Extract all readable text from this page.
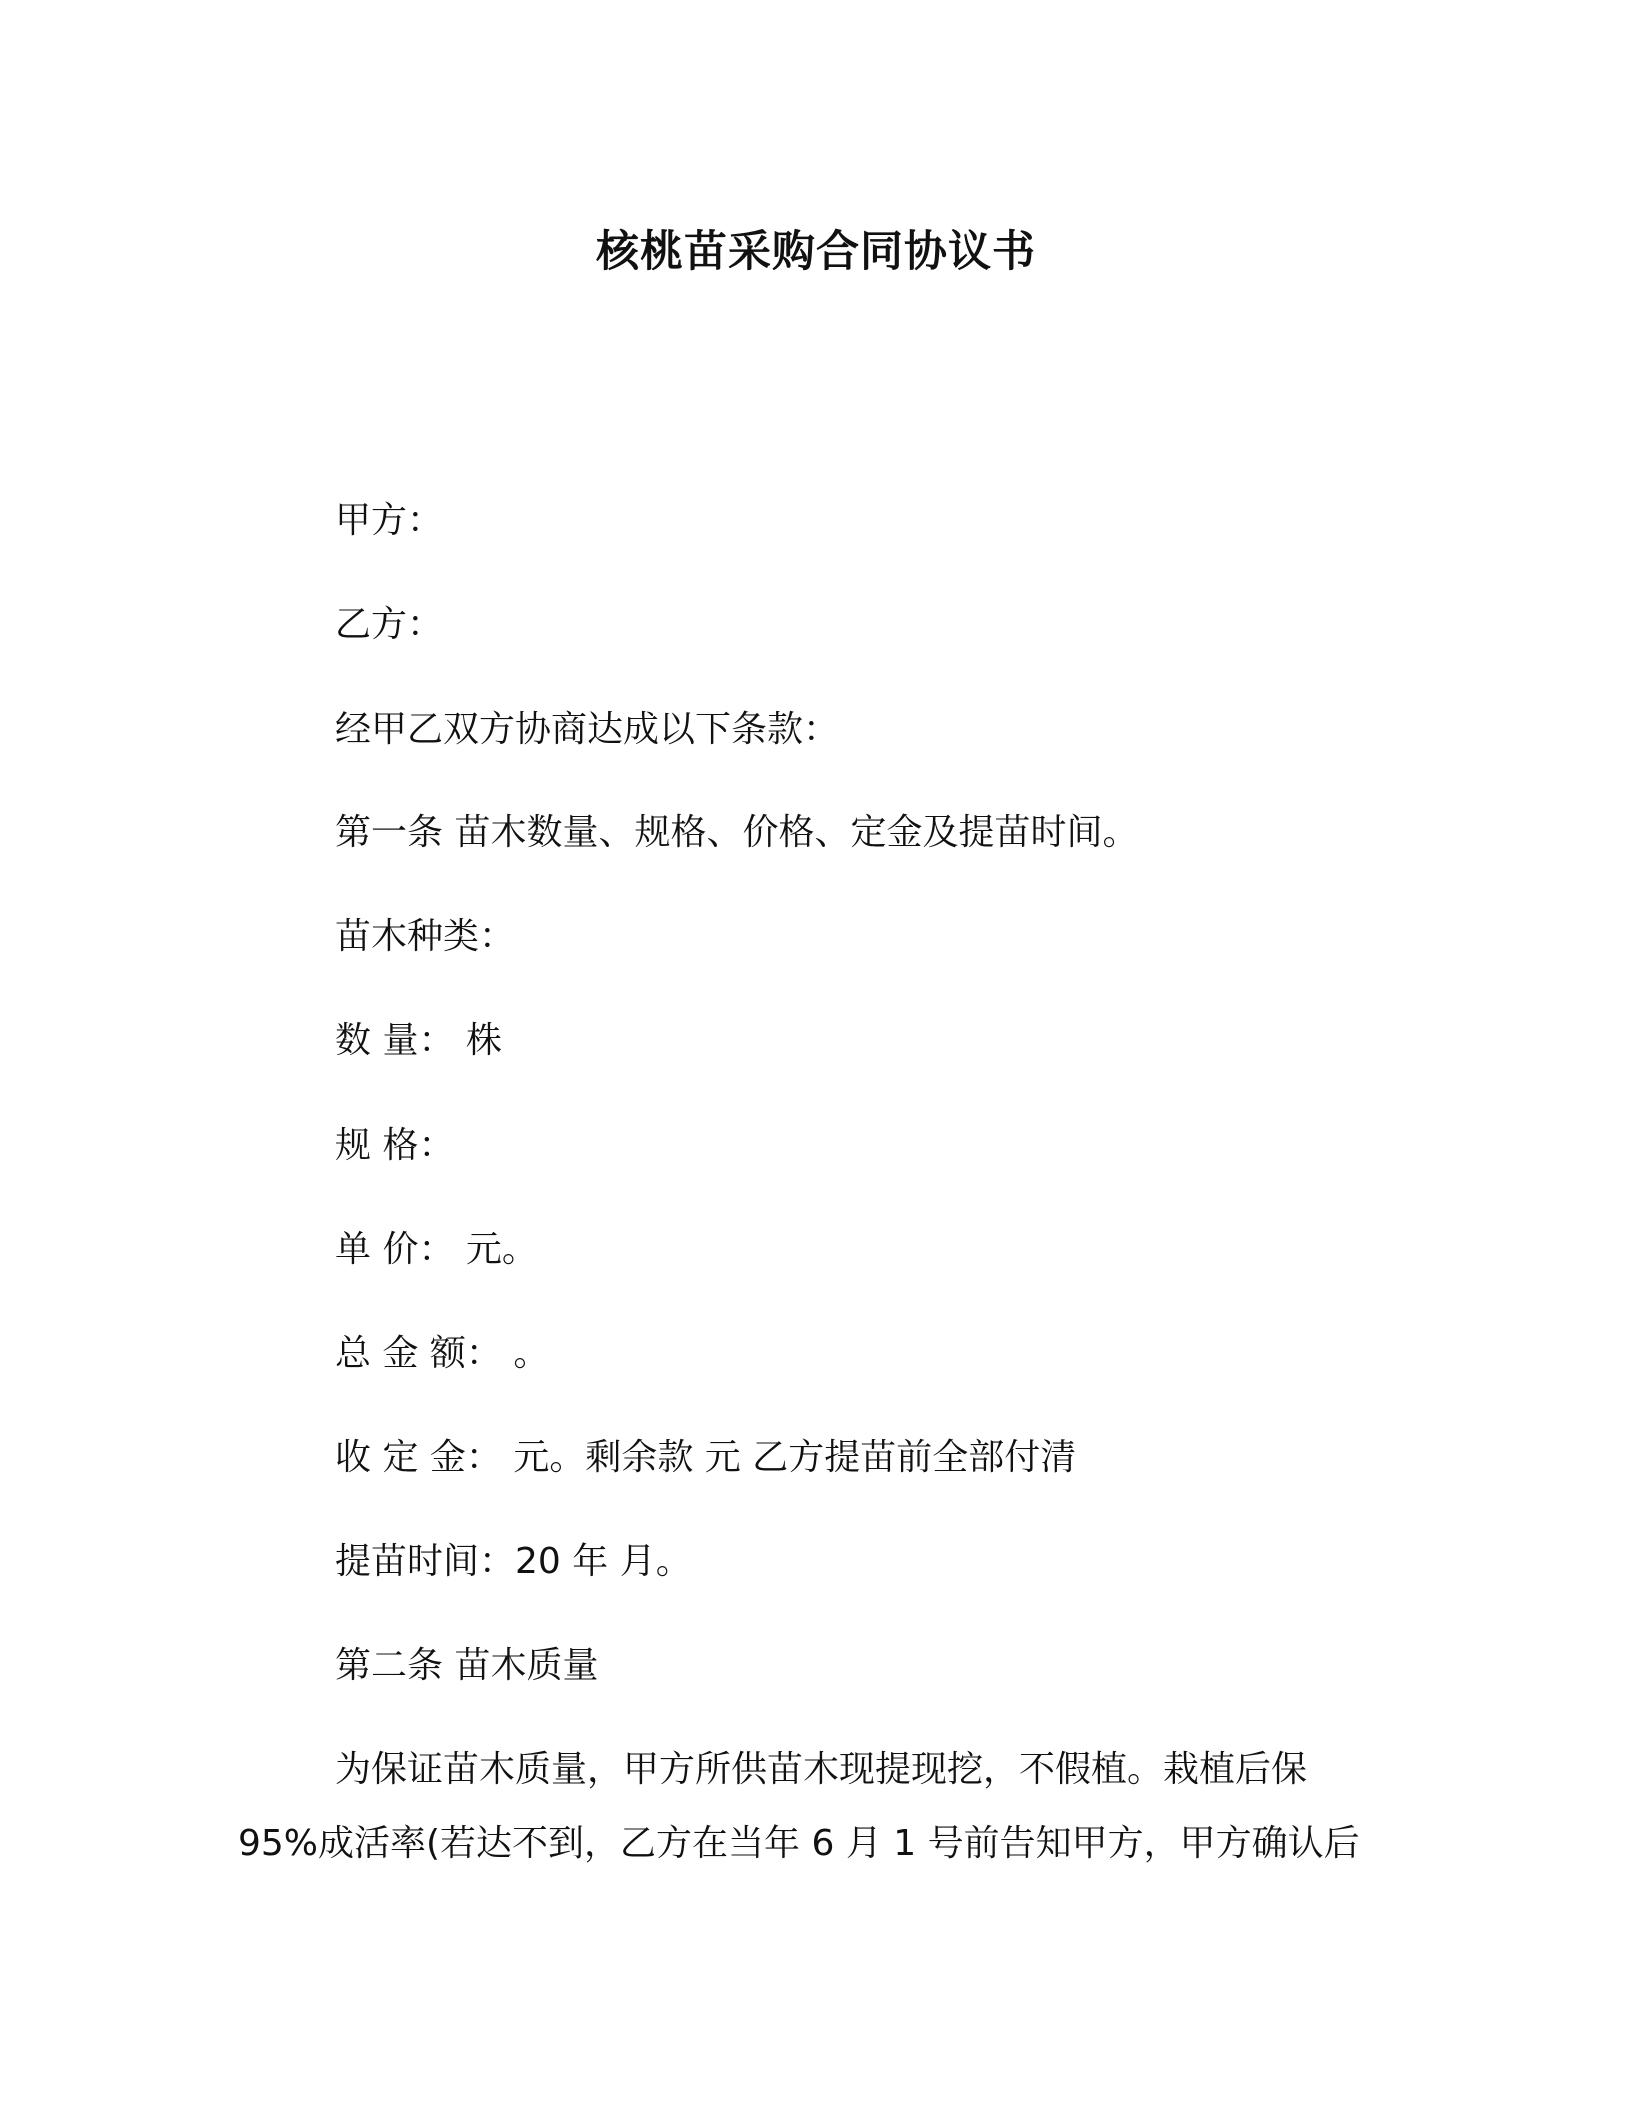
核桃苗采购合同协议书
甲方：
乙方：
经甲乙双方协商达成以下条款：
第一条 苗木数量、规格、价格、定金及提苗时间。
苗木种类：
数 量： 株
规 格：
单 价： 元。
总 金 额： 。
收 定 金： 元。剩余款 元 乙方提苗前全部付清
提苗时间：20 年 月。
第二条 苗木质量
为保证苗木质量，甲方所供苗木现提现挖，不假植。栽植后保
95%成活率(若达不到，乙方在当年 6 月 1 号前告知甲方，甲方确认后
